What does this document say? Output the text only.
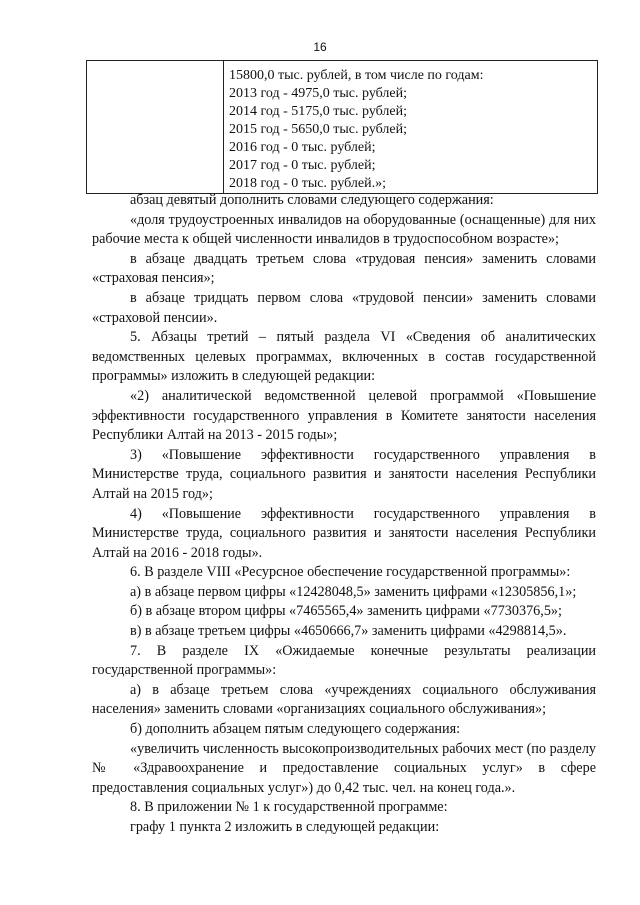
16

15800,0 тыс. рублей, в том числе по годам:
2013 год - 4975,0 тыс. рублей;
2014 год - 5175,0 тыс. рублей;
2015 год - 5650,0 тыс. рублей;
2016 год - 0 тыс. рублей;
2017 год - 0 тыс. рублей;
2018 год - 0 тыс. рублей.»;

абзац девятый дополнить словами следующего содержания:

«доля трудоустроенных инвалидов на оборудованные (оснащенные) для них рабочие места к общей численности инвалидов в трудоспособном возрасте»;

в абзаце двадцать третьем слова «трудовая пенсия» заменить словами «страховая пенсия»;

в абзаце тридцать первом слова «трудовой пенсии» заменить словами «страховой пенсии».

5. Абзацы третий – пятый раздела VI «Сведения об аналитических ведомственных целевых программах, включенных в состав государственной программы» изложить в следующей редакции:

«2) аналитической ведомственной целевой программой «Повышение эффективности государственного управления в Комитете занятости населения Республики Алтай на 2013 - 2015 годы»;

3) «Повышение эффективности государственного управления в Министерстве труда, социального развития и занятости населения Республики Алтай на 2015 год»;

4) «Повышение эффективности государственного управления в Министерстве труда, социального развития и занятости населения Республики Алтай на 2016 - 2018 годы».

6. В разделе VIII «Ресурсное обеспечение государственной программы»:

а) в абзаце первом цифры «12428048,5» заменить цифрами «12305856,1»;

б) в абзаце втором цифры «7465565,4» заменить цифрами «7730376,5»;

в) в абзаце третьем цифры «4650666,7» заменить цифрами «4298814,5».

7. В разделе IX «Ожидаемые конечные результаты реализации государственной программы»:

а) в абзаце третьем слова «учреждениях социального обслуживания населения» заменить словами «организациях социального обслуживания»;

б) дополнить абзацем пятым следующего содержания:

«увеличить численность высокопроизводительных рабочих мест (по разделу № «Здравоохранение и предоставление социальных услуг» в сфере предоставления социальных услуг») до 0,42 тыс. чел. на конец года.».

8. В приложении № 1 к государственной программе:

графу 1 пункта 2 изложить в следующей редакции:
